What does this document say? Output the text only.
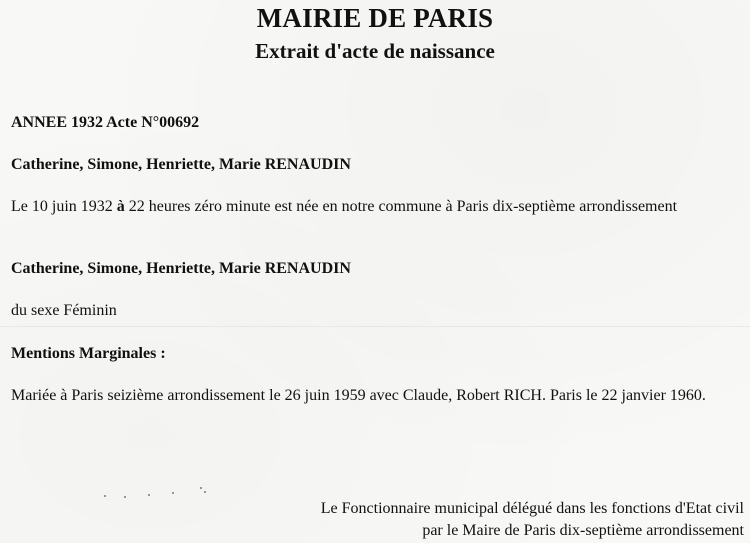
MAIRIE DE PARIS
Extrait d'acte de naissance
ANNEE 1932 Acte N°00692
Catherine, Simone, Henriette, Marie RENAUDIN
Le 10 juin 1932 à 22 heures zéro minute est née en notre commune à Paris dix-septième arrondissement
Catherine, Simone, Henriette, Marie RENAUDIN
du sexe Féminin
Mentions Marginales :
Mariée à Paris seizième arrondissement le 26 juin 1959 avec Claude, Robert RICH. Paris le 22 janvier 1960.
Le Fonctionnaire municipal délégué dans les fonctions d'Etat civil
par le Maire de Paris dix-septième arrondissement
